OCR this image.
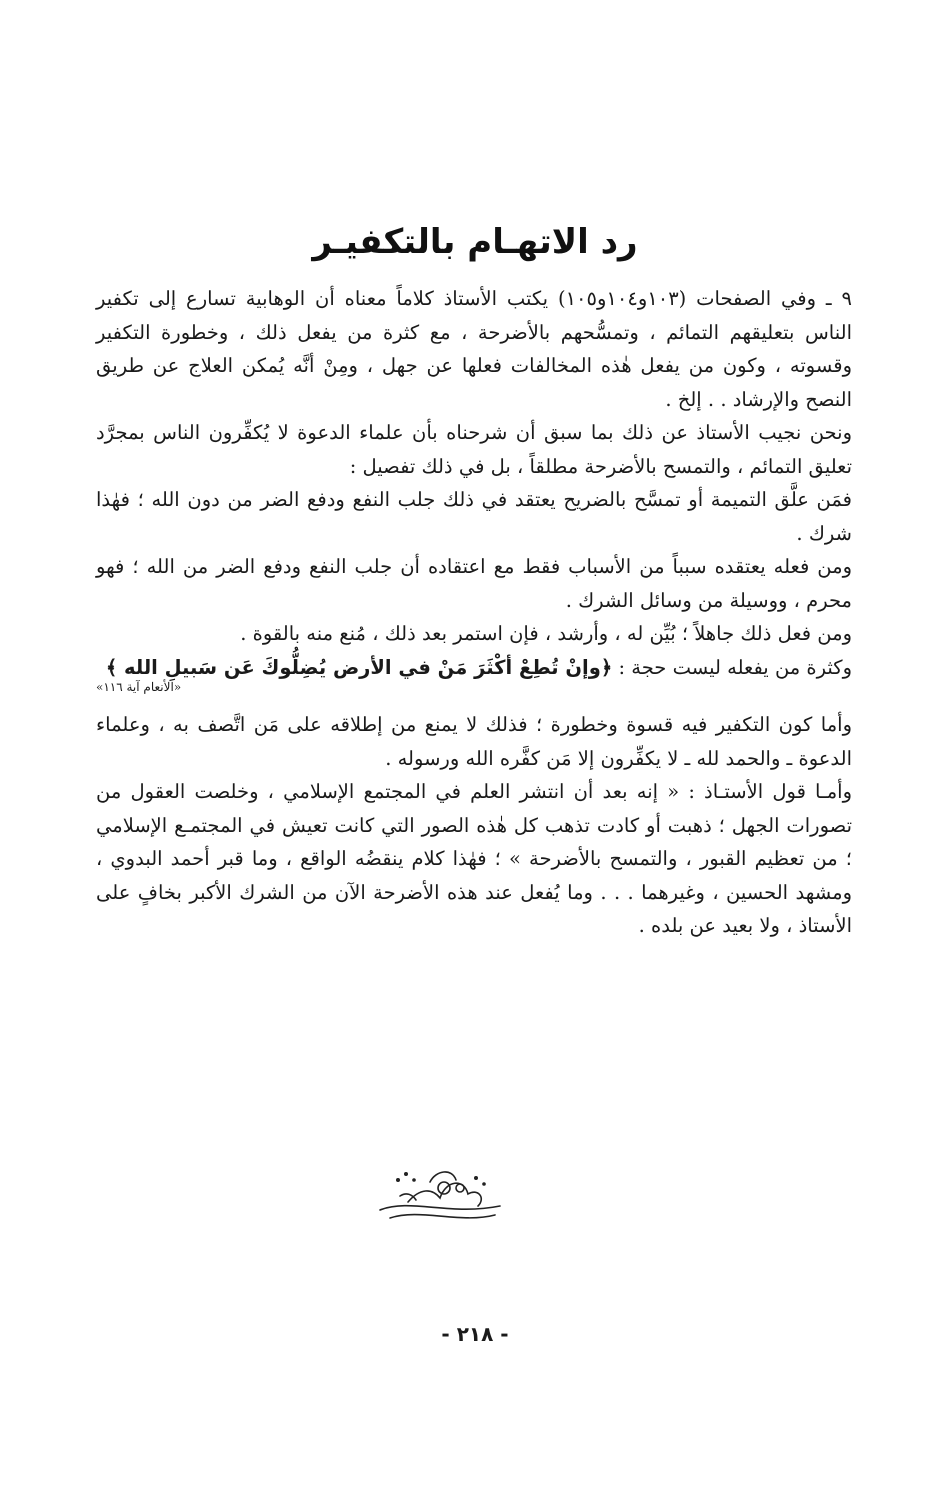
رد الاتهـام بالتكفيـر

٩ ـ وفي الصفحات (١٠٣و١٠٤و١٠٥) يكتب الأستاذ كلاماً معناه أن الوهابية تسارع إلى تكفير الناس بتعليقهم التمائم ، وتمسُّحهم بالأضرحة ، مع كثرة من يفعل ذلك ، وخطورة التكفير وقسوته ، وكون من يفعل هٰذه المخالفات فعلها عن جهل ، ومِنْ أنَّه يُمكن العلاج عن طريق النصح والإرشاد . . إلخ .

ونحن نجيب الأستاذ عن ذلك بما سبق أن شرحناه بأن علماء الدعوة لا يُكفِّرون الناس بمجرَّد تعليق التمائم ، والتمسح بالأضرحة مطلقاً ، بل في ذلك تفصيل :

فمَن علَّق التميمة أو تمسَّح بالضريح يعتقد في ذلك جلب النفع ودفع الضر من دون الله ؛ فهٰذا شرك .

ومن فعله يعتقده سبباً من الأسباب فقط مع اعتقاده أن جلب النفع ودفع الضر من الله ؛ فهو محرم ، ووسيلة من وسائل الشرك .

ومن فعل ذلك جاهلاً ؛ بُيِّن له ، وأرشد ، فإن استمر بعد ذلك ، مُنع منه بالقوة .

وكثرة من يفعله ليست حجة : ﴿وإنْ تُطِعْ أكْثَرَ مَنْ في الأرض يُضِلُّوكَ عَن سَبيلِ الله ﴾
«الأنعام آية ١١٦»

وأما كون التكفير فيه قسوة وخطورة ؛ فذلك لا يمنع من إطلاقه على مَن اتَّصف به ، وعلماء الدعوة ـ والحمد لله ـ لا يكفِّرون إلا مَن كفَّره الله ورسوله .

وأمـا قول الأستـاذ : « إنه بعد أن انتشر العلم في المجتمع الإسلامي ، وخلصت العقول من تصورات الجهل ؛ ذهبت أو كادت تذهب كل هٰذه الصور التي كانت تعيش في المجتمـع الإسلامي ؛ من تعظيم القبور ، والتمسح بالأضرحة » ؛ فهٰذا كلام ينقضُه الواقع ، وما قبر أحمد البدوي ، ومشهد الحسين ، وغيرهما . . . وما يُفعل عند هذه الأضرحة الآن من الشرك الأكبر بخافٍ على الأستاذ ، ولا بعيد عن بلده .

- ٢١٨ -
